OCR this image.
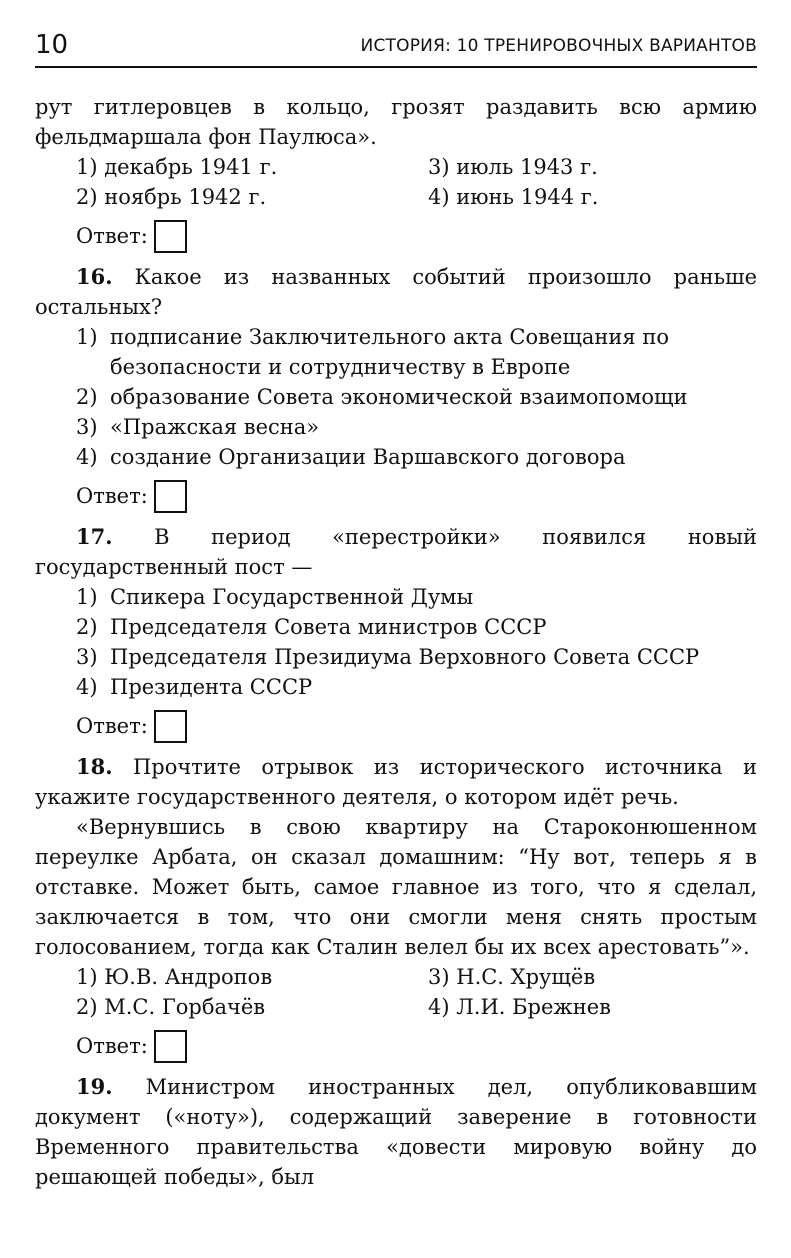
10	ИСТОРИЯ: 10 ТРЕНИРОВОЧНЫХ ВАРИАНТОВ
рут гитлеровцев в кольцо, грозят раздавить всю армию фельдмаршала фон Паулюса».
1) декабрь 1941 г.	3) июль 1943 г.
2) ноябрь 1942 г.	4) июнь 1944 г.
Ответ:
16. Какое из названных событий произошло раньше остальных?
1) подписание Заключительного акта Совещания по безопасности и сотрудничеству в Европе
2) образование Совета экономической взаимопомощи
3) «Пражская весна»
4) создание Организации Варшавского договора
Ответ:
17. В период «перестройки» появился новый государственный пост —
1) Спикера Государственной Думы
2) Председателя Совета министров СССР
3) Председателя Президиума Верховного Совета СССР
4) Президента СССР
Ответ:
18. Прочтите отрывок из исторического источника и укажите государственного деятеля, о котором идёт речь.
«Вернувшись в свою квартиру на Староконюшенном переулке Арбата, он сказал домашним: “Ну вот, теперь я в отставке. Может быть, самое главное из того, что я сделал, заключается в том, что они смогли меня снять простым голосованием, тогда как Сталин велел бы их всех арестовать”».
1) Ю.В. Андропов	3) Н.С. Хрущёв
2) М.С. Горбачёв	4) Л.И. Брежнев
Ответ:
19. Министром иностранных дел, опубликовавшим документ («ноту»), содержащий заверение в готовности Временного правительства «довести мировую войну до решающей победы», был
